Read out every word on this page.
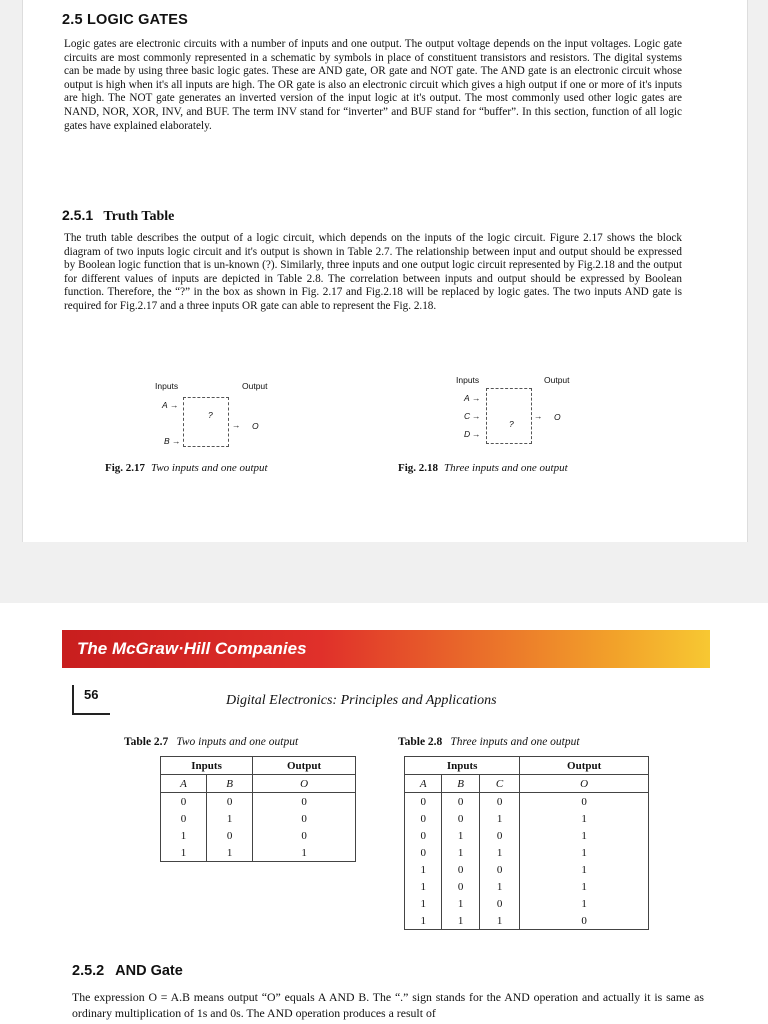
2.5 LOGIC GATES

Logic gates are electronic circuits with a number of inputs and one output. The output voltage depends on the input voltages. Logic gate circuits are most commonly represented in a schematic by symbols in place of constituent transistors and resistors. The digital systems can be made by using three basic logic gates. These are AND gate, OR gate and NOT gate. The AND gate is an electronic circuit whose output is high when it's all inputs are high. The OR gate is also an electronic circuit which gives a high output if one or more of it's inputs are high. The NOT gate generates an inverted version of the input logic at it's output. The most commonly used other logic gates are NAND, NOR, XOR, INV, and BUF. The term INV stand for “inverter” and BUF stand for “buffer”. In this section, function of all logic gates have explained elaborately.

2.5.1 Truth Table

The truth table describes the output of a logic circuit, which depends on the inputs of the logic circuit. Figure 2.17 shows the block diagram of two inputs logic circuit and it's output is shown in Table 2.7. The relationship between input and output should be expressed by Boolean logic function that is un-known (?). Similarly, three inputs and one output logic circuit represented by Fig.2.18 and the output for different values of inputs are depicted in Table 2.8. The correlation between inputs and output should be expressed by Boolean function. Therefore, the “?” in the box as shown in Fig. 2.17 and Fig.2.18 will be replaced by logic gates. The two inputs AND gate is required for Fig.2.17 and a three inputs OR gate can able to represent the Fig. 2.18.

Inputs	Output
A →
B →
?
→ O
Fig. 2.17 Two inputs and one output
Inputs	Output
A →
C →
D →
?
→ O
Fig. 2.18 Three inputs and one output
The McGraw·Hill Companies
56	Digital Electronics: Principles and Applications
Table 2.7 Two inputs and one output
Inputs		Output
A	B	O
0	0	0
0	1	0
1	0	0
1	1	1
Table 2.8 Three inputs and one output
Inputs			Output
A	B	C	O
0	0	0	0
0	0	1	1
0	1	0	1
0	1	1	1
1	0	0	1
1	0	1	1
1	1	0	1
1	1	1	0
2.5.2 AND Gate

The expression O = A.B means output “O” equals A AND B. The “.” sign stands for the AND operation and actually it is same as ordinary multiplication of 1s and 0s. The AND operation produces a result of
